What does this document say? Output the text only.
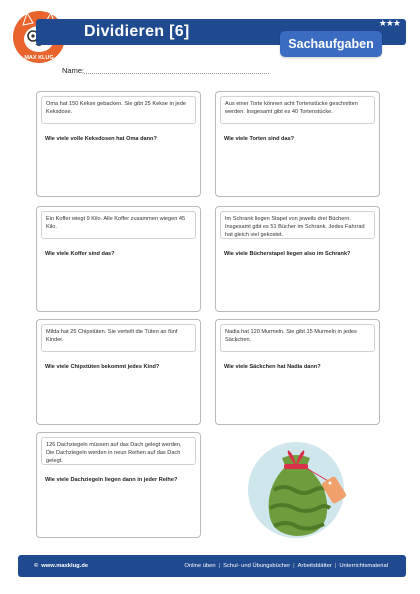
MAX KLUG
Dividieren [6]	★★★
Sachaufgaben
Name:
Oma hat 150 Kekse gebacken. Sie gibt 25 Kekse in jede Keksdose.
Wie viele volle Keksdosen hat Oma dann?
Aus einer Torte können acht Tortenstücke geschnitten werden. Insgesamt gibt es 40 Tortenstücke.
Wie viele Torten sind das?
Ein Koffer wiegt 9 Kilo. Alle Koffer zusammen wiegen 45 Kilo.
Wie viele Koffer sind das?
Im Schrank liegen Stapel von jeweils drei Büchern. Insgesamt gibt es 51 Bücher im Schrank. Jedes Fahrrad hat gleich viel gekostet.
Wie viele Bücherstapel liegen also im Schrank?
Milda hat 25 Chipstüten. Sie verteilt die Tüten an fünf Kinder.
Wie viele Chipstüten bekommt jedes Kind?
Nadia hat 120 Murmeln. Sie gibt 15 Murmeln in jedes Säckchen.
Wie viele Säckchen hat Nadia dann?
126 Dachziegeln müssen auf das Dach gelegt werden. Die Dachziegeln werden in neun Reihen auf das Dach gelegt.
Wie viele Dachziegeln liegen dann in jeder Reihe?
© www.maxklug.de	Online üben | Schul- und Übungsbücher | Arbeitsblätter | Unterrichtsmaterial
